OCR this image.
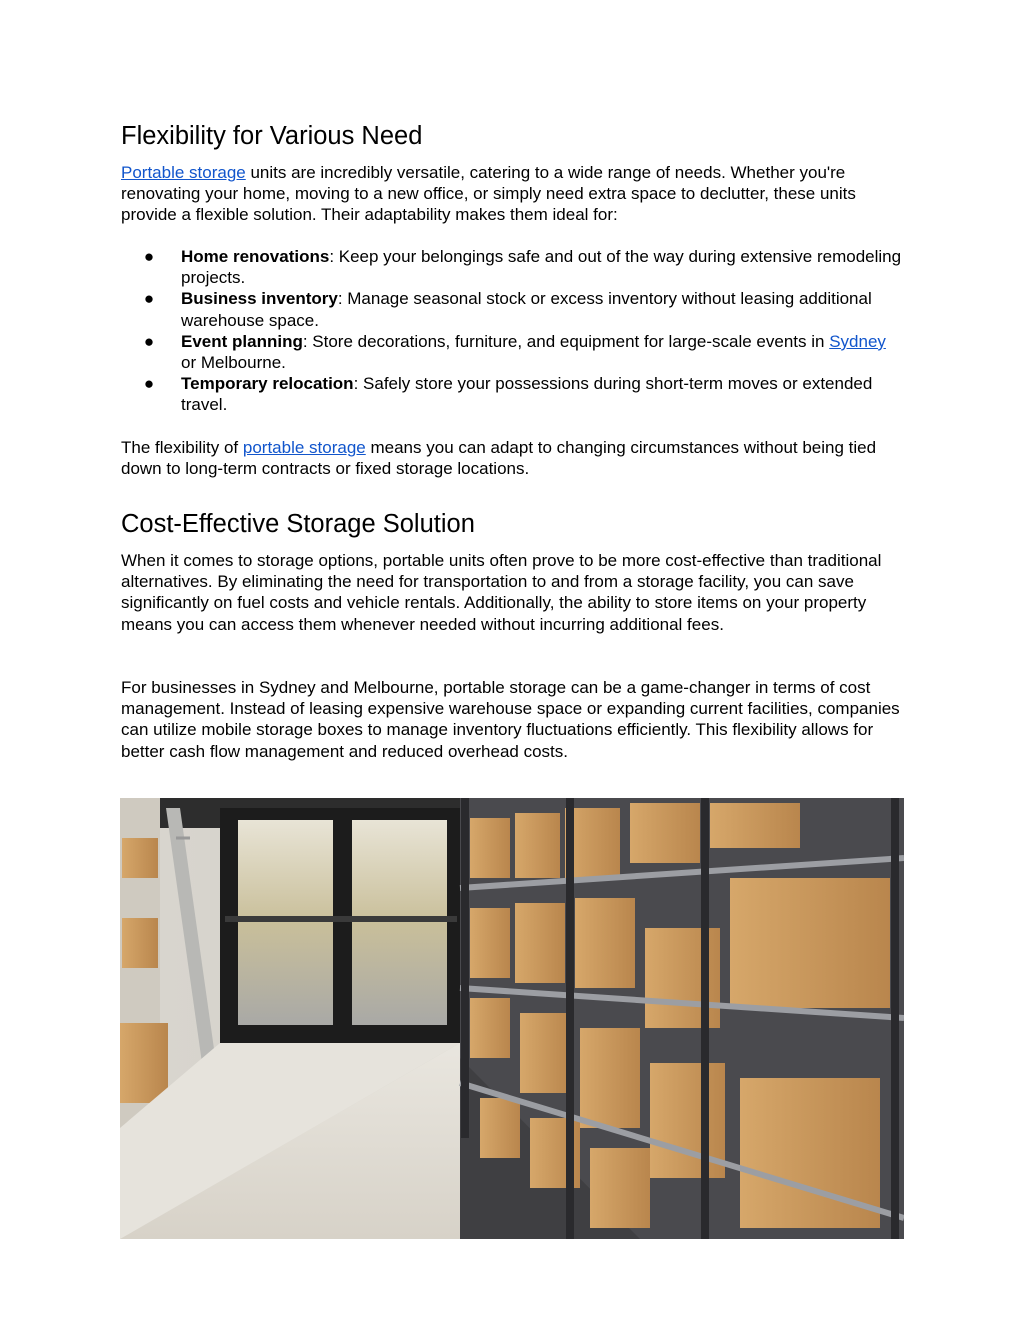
Flexibility for Various Need

Portable storage units are incredibly versatile, catering to a wide range of needs. Whether you're renovating your home, moving to a new office, or simply need extra space to declutter, these units provide a flexible solution. Their adaptability makes them ideal for:

● Home renovations: Keep your belongings safe and out of the way during extensive remodeling projects.
● Business inventory: Manage seasonal stock or excess inventory without leasing additional warehouse space.
● Event planning: Store decorations, furniture, and equipment for large-scale events in Sydney or Melbourne.
● Temporary relocation: Safely store your possessions during short-term moves or extended travel.

The flexibility of portable storage means you can adapt to changing circumstances without being tied down to long-term contracts or fixed storage locations.

Cost-Effective Storage Solution

When it comes to storage options, portable units often prove to be more cost-effective than traditional alternatives. By eliminating the need for transportation to and from a storage facility, you can save significantly on fuel costs and vehicle rentals. Additionally, the ability to store items on your property means you can access them whenever needed without incurring additional fees.

For businesses in Sydney and Melbourne, portable storage can be a game-changer in terms of cost management. Instead of leasing expensive warehouse space or expanding current facilities, companies can utilize mobile storage boxes to manage inventory fluctuations efficiently. This flexibility allows for better cash flow management and reduced overhead costs.
